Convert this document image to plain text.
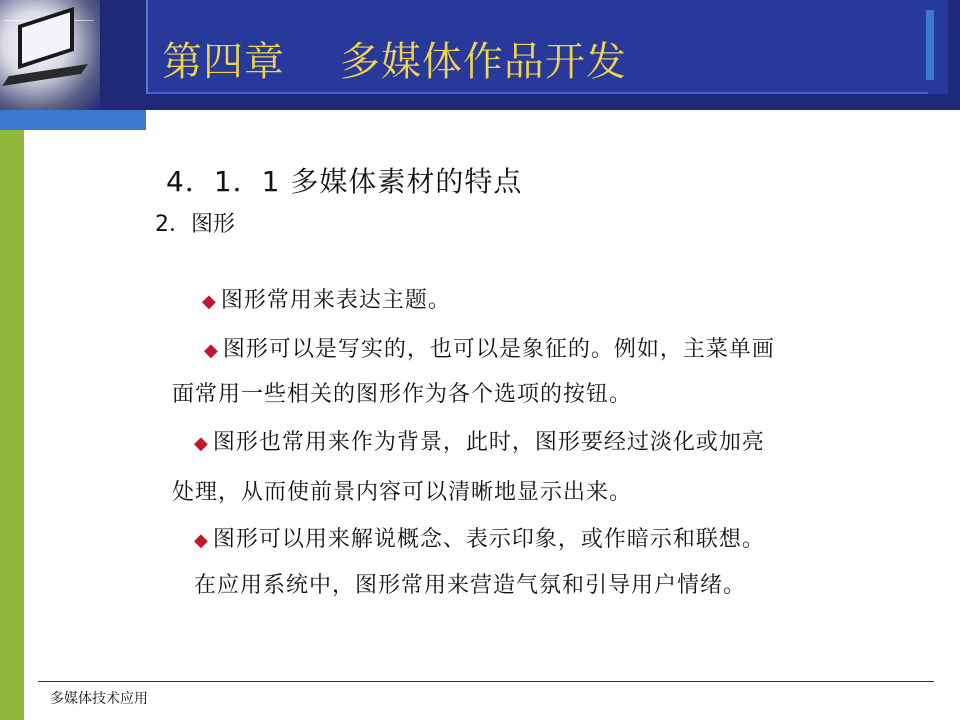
第四章    多媒体作品开发
4．1．1 多媒体素材的特点
2．图形

◆ 图形常用来表达主题。

◆ 图形可以是写实的，也可以是象征的。例如，主菜单画

面常用一些相关的图形作为各个选项的按钮。

◆ 图形也常用来作为背景，此时，图形要经过淡化或加亮

处理，从而使前景内容可以清晰地显示出来。

◆ 图形可以用来解说概念、表示印象，或作暗示和联想。

在应用系统中，图形常用来营造气氛和引导用户情绪。

多媒体技术应用
